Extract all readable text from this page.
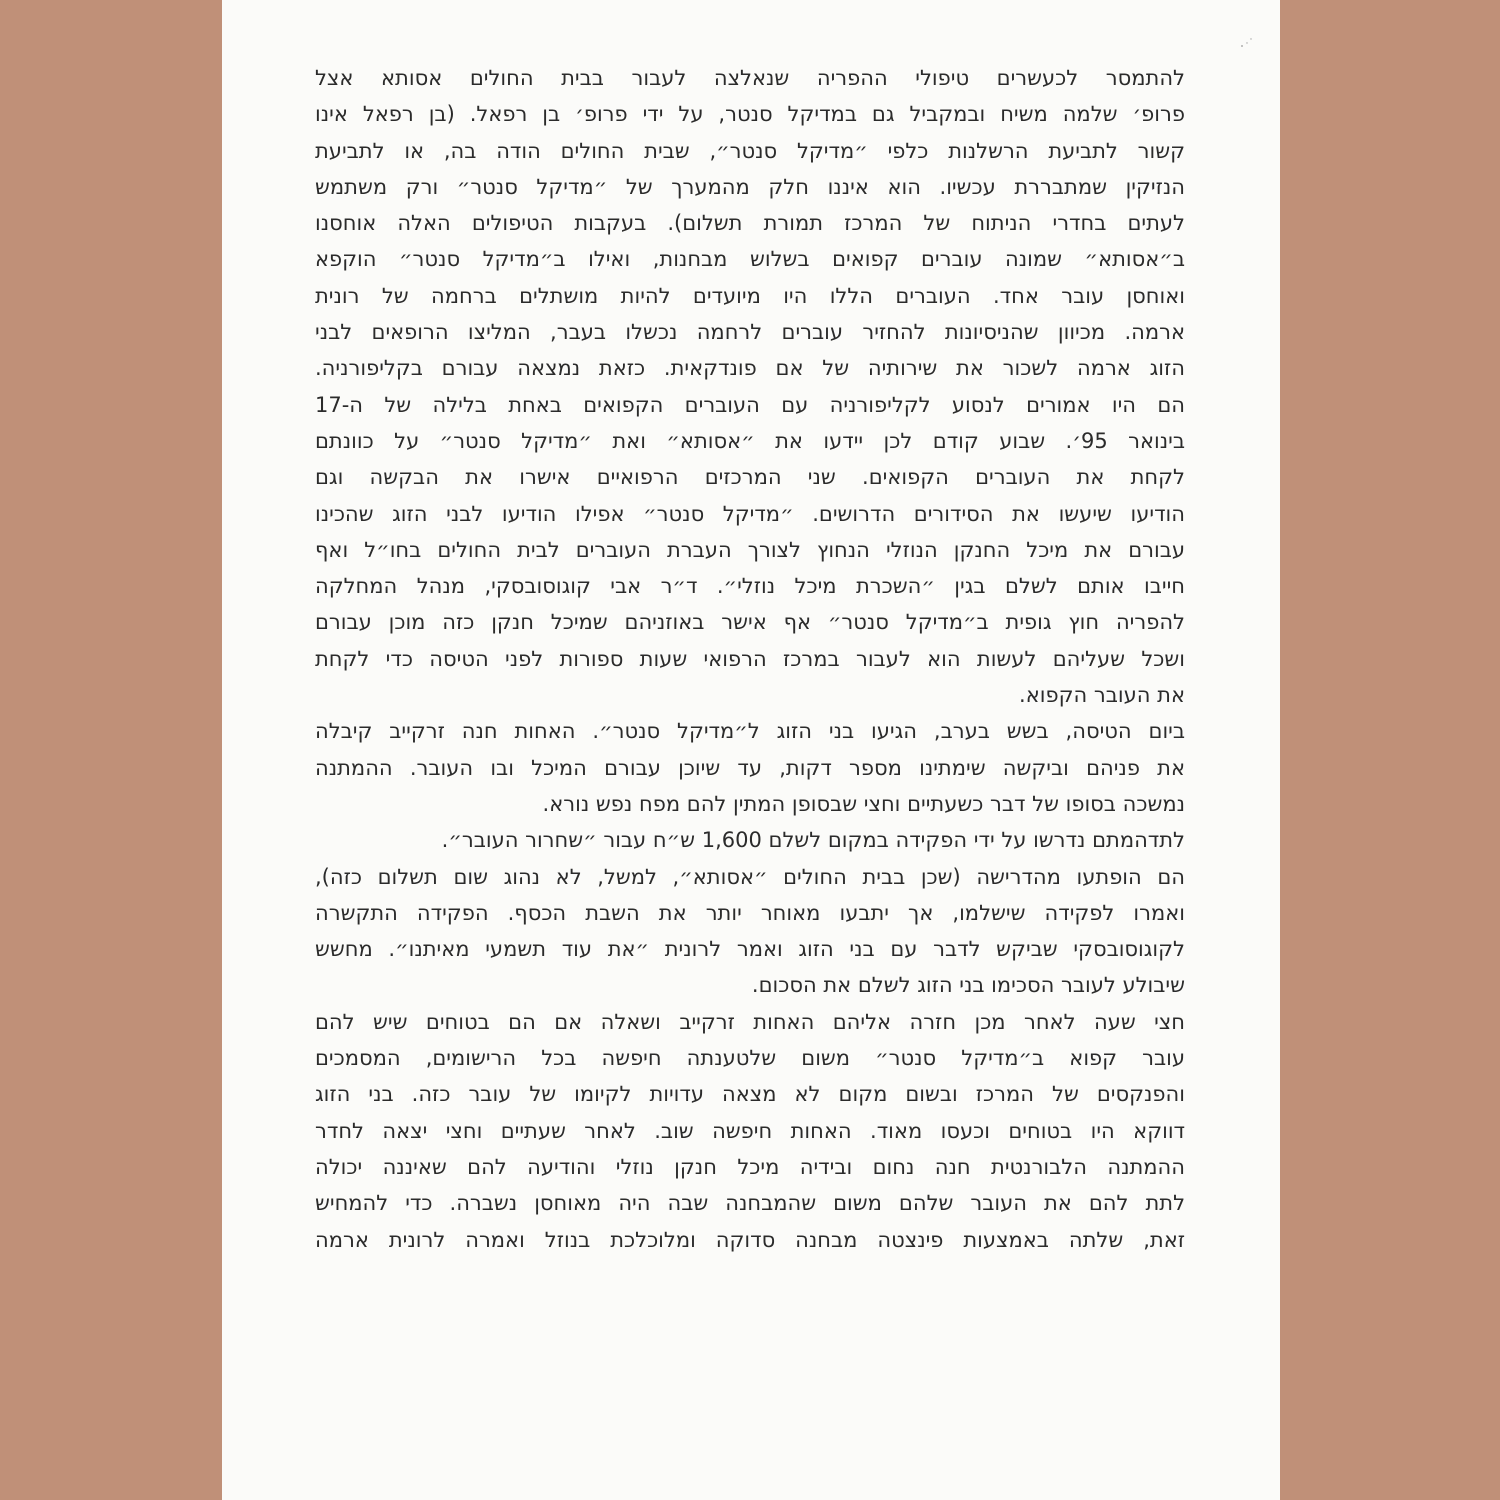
להתמסר לכעשרים טיפולי ההפריה שנאלצה לעבור בבית החולים אסותא אצל
פרופ׳ שלמה משיח ובמקביל גם במדיקל סנטר, על ידי פרופ׳ בן רפאל. (בן רפאל אינו
קשור לתביעת הרשלנות כלפי ״מדיקל סנטר״, שבית החולים הודה בה, או לתביעת
הנזיקין שמתבררת עכשיו. הוא איננו חלק מהמערך של ״מדיקל סנטר״ ורק משתמש
לעתים בחדרי הניתוח של המרכז תמורת תשלום). בעקבות הטיפולים האלה אוחסנו
ב״אסותא״ שמונה עוברים קפואים בשלוש מבחנות, ואילו ב״מדיקל סנטר״ הוקפא
ואוחסן עובר אחד. העוברים הללו היו מיועדים להיות מושתלים ברחמה של רונית
ארמה. מכיוון שהניסיונות להחזיר עוברים לרחמה נכשלו בעבר, המליצו הרופאים לבני
הזוג ארמה לשכור את שירותיה של אם פונדקאית. כזאת נמצאה עבורם בקליפורניה.
הם היו אמורים לנסוע לקליפורניה עם העוברים הקפואים באחת בלילה של ה-17
בינואר 95׳. שבוע קודם לכן יידעו את ״אסותא״ ואת ״מדיקל סנטר״ על כוונתם
לקחת את העוברים הקפואים. שני המרכזים הרפואיים אישרו את הבקשה וגם
הודיעו שיעשו את הסידורים הדרושים. ״מדיקל סנטר״ אפילו הודיעו לבני הזוג שהכינו
עבורם את מיכל החנקן הנוזלי הנחוץ לצורך העברת העוברים לבית החולים בחו״ל ואף
חייבו אותם לשלם בגין ״השכרת מיכל נוזלי״. ד״ר אבי קוגוסובסקי, מנהל המחלקה
להפריה חוץ גופית ב״מדיקל סנטר״ אף אישר באוזניהם שמיכל חנקן כזה מוכן עבורם
ושכל שעליהם לעשות הוא לעבור במרכז הרפואי שעות ספורות לפני הטיסה כדי לקחת
את העובר הקפוא.
ביום הטיסה, בשש בערב, הגיעו בני הזוג ל״מדיקל סנטר״. האחות חנה זרקייב קיבלה
את פניהם וביקשה שימתינו מספר דקות, עד שיוכן עבורם המיכל ובו העובר. ההמתנה
נמשכה בסופו של דבר כשעתיים וחצי שבסופן המתין להם מפח נפש נורא.
לתדהמתם נדרשו על ידי הפקידה במקום לשלם 1,600 ש״ח עבור ״שחרור העובר״.
הם הופתעו מהדרישה (שכן בבית החולים ״אסותא״, למשל, לא נהוג שום תשלום כזה),
ואמרו לפקידה שישלמו, אך יתבעו מאוחר יותר את השבת הכסף. הפקידה התקשרה
לקוגוסובסקי שביקש לדבר עם בני הזוג ואמר לרונית ״את עוד תשמעי מאיתנו״. מחשש
שיבולע לעובר הסכימו בני הזוג לשלם את הסכום.
חצי שעה לאחר מכן חזרה אליהם האחות זרקייב ושאלה אם הם בטוחים שיש להם
עובר קפוא ב״מדיקל סנטר״ משום שלטענתה חיפשה בכל הרישומים, המסמכים
והפנקסים של המרכז ובשום מקום לא מצאה עדויות לקיומו של עובר כזה. בני הזוג
דווקא היו בטוחים וכעסו מאוד. האחות חיפשה שוב. לאחר שעתיים וחצי יצאה לחדר
ההמתנה הלבורנטית חנה נחום ובידיה מיכל חנקן נוזלי והודיעה להם שאיננה יכולה
לתת להם את העובר שלהם משום שהמבחנה שבה היה מאוחסן נשברה. כדי להמחיש
זאת, שלתה באמצעות פינצטה מבחנה סדוקה ומלוכלכת בנוזל ואמרה לרונית ארמה
